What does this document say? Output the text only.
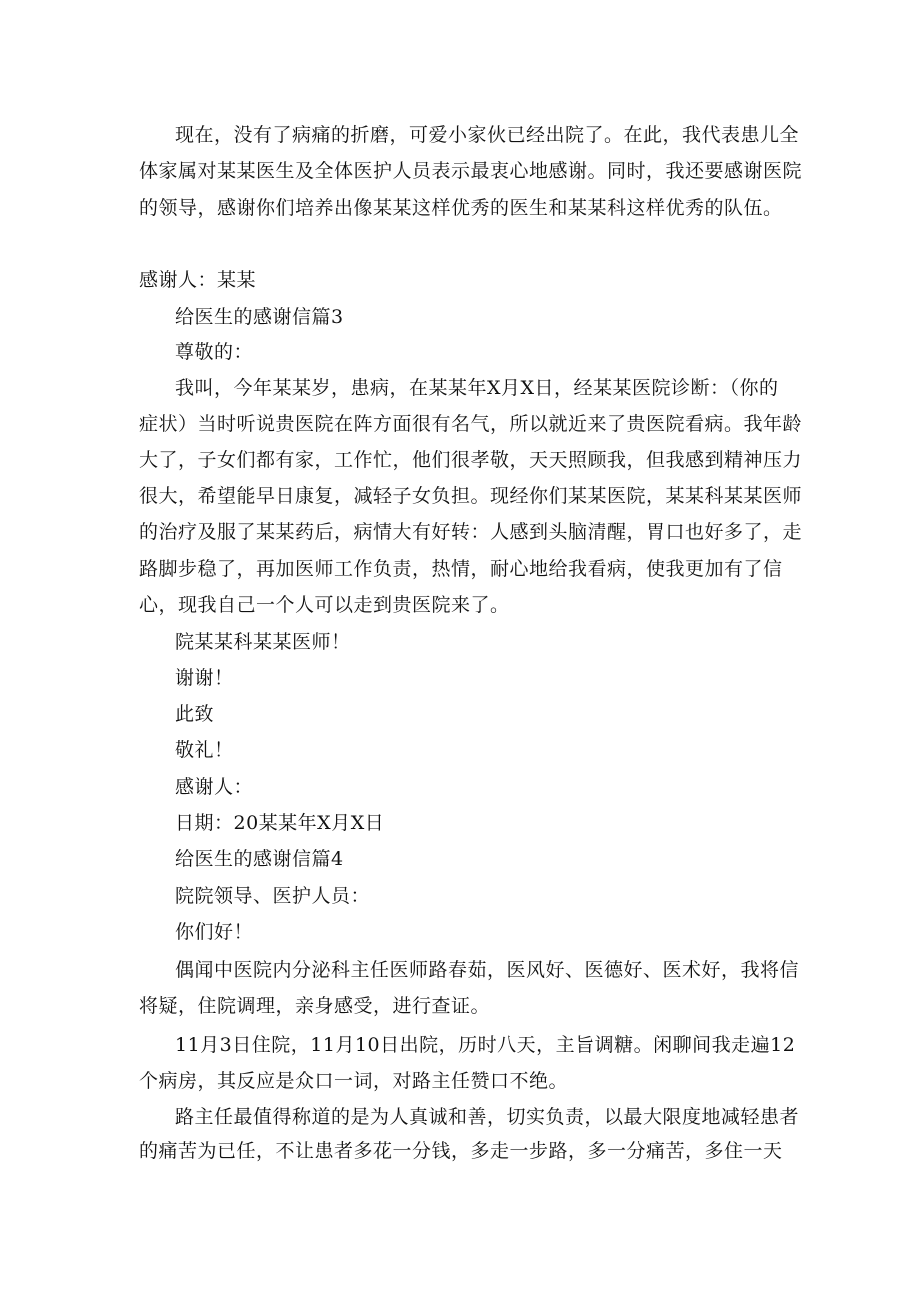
现在，没有了病痛的折磨，可爱小家伙已经出院了。在此，我代表患儿全
体家属对某某医生及全体医护人员表示最衷心地感谢。同时，我还要感谢医院
的领导，感谢你们培养出像某某这样优秀的医生和某某科这样优秀的队伍。
感谢人：某某
给医生的感谢信篇3
尊敬的：
我叫，今年某某岁，患病，在某某年X月X日，经某某医院诊断：（你的
症状）当时听说贵医院在阵方面很有名气，所以就近来了贵医院看病。我年龄
大了，子女们都有家，工作忙，他们很孝敬，天天照顾我，但我感到精神压力
很大，希望能早日康复，减轻子女负担。现经你们某某医院，某某科某某医师
的治疗及服了某某药后，病情大有好转：人感到头脑清醒，胃口也好多了，走
路脚步稳了，再加医师工作负责，热情，耐心地给我看病，使我更加有了信
心，现我自己一个人可以走到贵医院来了。
院某某科某某医师！
谢谢！
此致
敬礼！
感谢人：
日期：20某某年X月X日
给医生的感谢信篇4
院院领导、医护人员：
你们好！
偶闻中医院内分泌科主任医师路春茹，医风好、医德好、医术好，我将信
将疑，住院调理，亲身感受，进行查证。
11月3日住院，11月10日出院，历时八天，主旨调糖。闲聊间我走遍12
个病房，其反应是众口一词，对路主任赞口不绝。
路主任最值得称道的是为人真诚和善，切实负责，以最大限度地减轻患者
的痛苦为已任，不让患者多花一分钱，多走一步路，多一分痛苦，多住一天
